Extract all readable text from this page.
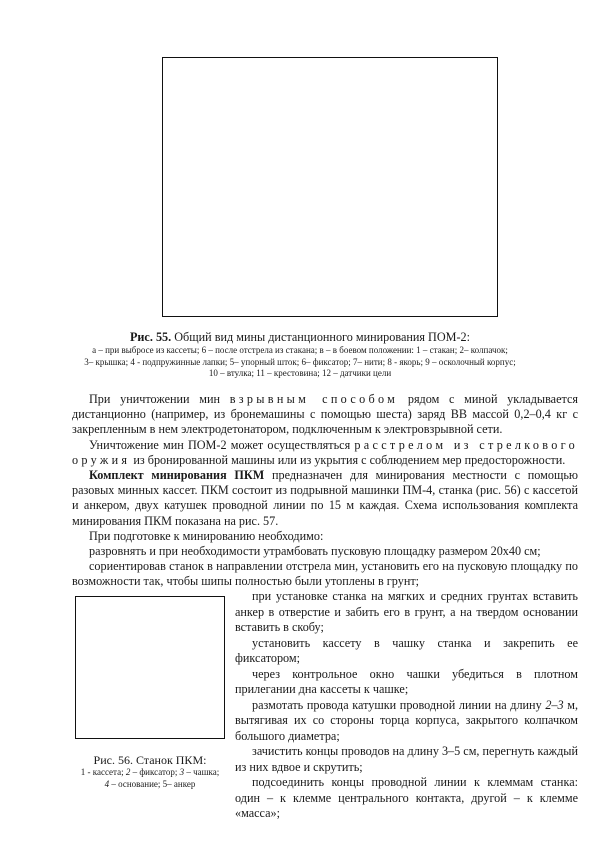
Рис. 55. Общий вид мины дистанционного минирования ПОМ-2:
а – при выбросе из кассеты; 6 – после отстрела из стакана; в – в боевом положении: 1 – стакан; 2– колпачок;
3– крышка; 4 - подпружинные лапки; 5– упорный шток; 6– фиксатор; 7– нити; 8 - якорь; 9 – осколочный корпус;
10 – втулка; 11 – крестовина; 12 – датчики цели

При уничтожении мин взрывным способом рядом с миной укладывается дистанционно (например, из бронемашины с помощью шеста) заряд ВВ массой 0,2–0,4 кг с закрепленным в нем электродетонатором, подключенным к электровзрывной сети.

Уничтожение мин ПОМ-2 может осуществляться расстрелом из стрелкового оружия из бронированной машины или из укрытия с соблюдением мер предосторожности.

Комплект минирования ПКМ предназначен для минирования местности с помощью разовых минных кассет. ПКМ состоит из подрывной машинки ПМ-4, станка (рис. 56) с кассетой и анкером, двух катушек проводной линии по 15 м каждая. Схема использования комплекта минирования ПКМ показана на рис. 57.

При подготовке к минированию необходимо:

разровнять и при необходимости утрамбовать пусковую площадку размером 20х40 см;

сориентировав станок в направлении отстрела мин, установить его на пусковую площадку по возможности так, чтобы шипы полностью были утоплены в грунт;

Рис. 56. Станок ПКМ:
1 - кассета; 2 – фиксатор; 3 – чашка;
4 – основание; 5– анкер

при установке станка на мягких и средних грунтах вставить анкер в отверстие и забить его в грунт, а на твердом основании вставить в скобу;

установить кассету в чашку станка и закрепить ее фиксатором;

через контрольное окно чашки убедиться в плотном прилегании дна кассеты к чашке;

размотать провода катушки проводной линии на длину 2–3 м, вытягивая их со стороны торца корпуса, закрытого колпачком большого диаметра;

зачистить концы проводов на длину 3–5 см, перегнуть каждый из них вдвое и скрутить;

подсоединить концы проводной линии к клеммам станка: один – к клемме центрального контакта, другой – к клемме «масса»;
